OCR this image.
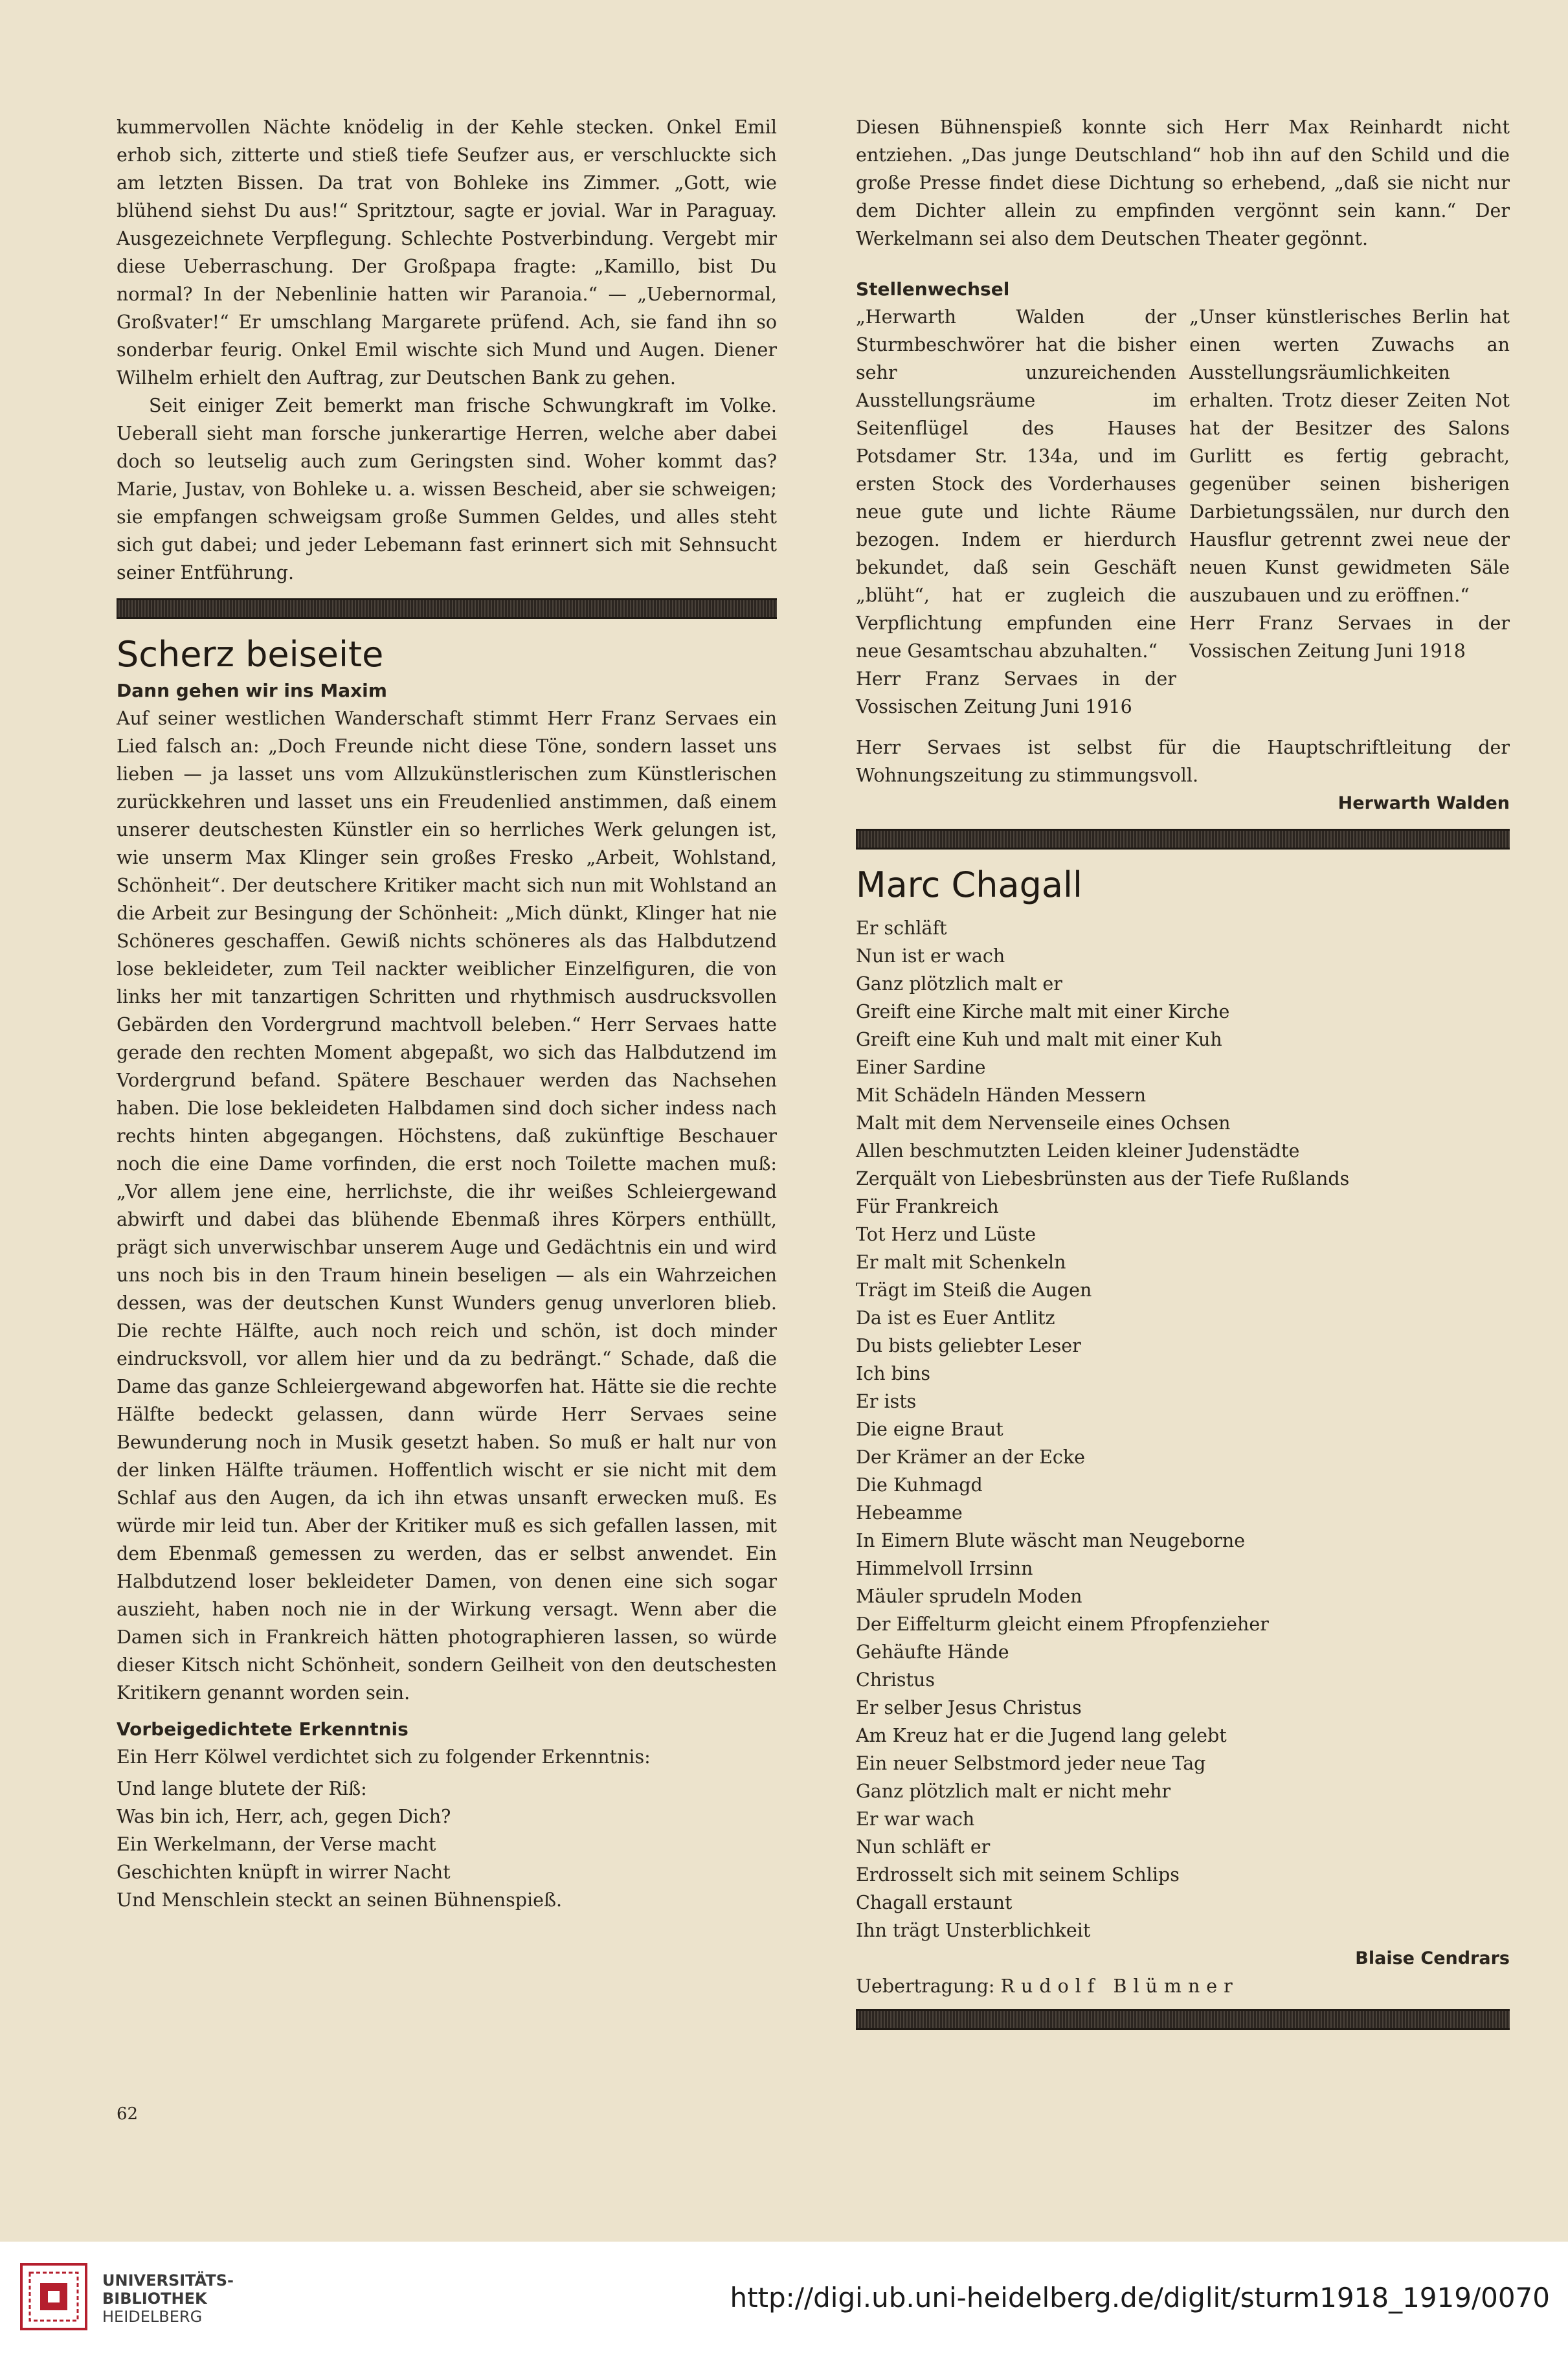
kummervollen Nächte knödelig in der Kehle stecken. Onkel Emil erhob sich, zitterte und stieß tiefe Seufzer aus, er verschluckte sich am letzten Bissen. Da trat von Bohleke ins Zimmer. „Gott, wie blühend siehst Du aus!“ Spritztour, sagte er jovial. War in Paraguay. Ausgezeichnete Verpflegung. Schlechte Postverbindung. Vergebt mir diese Ueberraschung. Der Großpapa fragte: „Kamillo, bist Du normal? In der Nebenlinie hatten wir Paranoia.“ — „Uebernormal, Großvater!“ Er umschlang Margarete prüfend. Ach, sie fand ihn so sonderbar feurig. Onkel Emil wischte sich Mund und Augen. Diener Wilhelm erhielt den Auftrag, zur Deutschen Bank zu gehen.

Seit einiger Zeit bemerkt man frische Schwungkraft im Volke. Ueberall sieht man forsche junkerartige Herren, welche aber dabei doch so leutselig auch zum Geringsten sind. Woher kommt das? Marie, Justav, von Bohleke u. a. wissen Bescheid, aber sie schweigen; sie empfangen schweigsam große Summen Geldes, und alles steht sich gut dabei; und jeder Lebemann fast erinnert sich mit Sehnsucht seiner Entführung.

Scherz beiseite
Dann gehen wir ins Maxim

Auf seiner westlichen Wanderschaft stimmt Herr Franz Servaes ein Lied falsch an: „Doch Freunde nicht diese Töne, sondern lasset uns lieben — ja lasset uns vom Allzukünstlerischen zum Künstlerischen zurückkehren und lasset uns ein Freudenlied anstimmen, daß einem unserer deutschesten Künstler ein so herrliches Werk gelungen ist, wie unserm Max Klinger sein großes Fresko „Arbeit, Wohlstand, Schönheit“. Der deutschere Kritiker macht sich nun mit Wohlstand an die Arbeit zur Besingung der Schönheit: „Mich dünkt, Klinger hat nie Schöneres geschaffen. Gewiß nichts schöneres als das Halbdutzend lose bekleideter, zum Teil nackter weiblicher Einzelfiguren, die von links her mit tanzartigen Schritten und rhythmisch ausdrucksvollen Gebärden den Vordergrund machtvoll beleben.“ Herr Servaes hatte gerade den rechten Moment abgepaßt, wo sich das Halbdutzend im Vordergrund befand. Spätere Beschauer werden das Nachsehen haben. Die lose bekleideten Halbdamen sind doch sicher indess nach rechts hinten abgegangen. Höchstens, daß zukünftige Beschauer noch die eine Dame vorfinden, die erst noch Toilette machen muß: „Vor allem jene eine, herrlichste, die ihr weißes Schleiergewand abwirft und dabei das blühende Ebenmaß ihres Körpers enthüllt, prägt sich unverwischbar unserem Auge und Gedächtnis ein und wird uns noch bis in den Traum hinein beseligen — als ein Wahrzeichen dessen, was der deutschen Kunst Wunders genug unverloren blieb. Die rechte Hälfte, auch noch reich und schön, ist doch minder eindrucksvoll, vor allem hier und da zu bedrängt.“ Schade, daß die Dame das ganze Schleiergewand abgeworfen hat. Hätte sie die rechte Hälfte bedeckt gelassen, dann würde Herr Servaes seine Bewunderung noch in Musik gesetzt haben. So muß er halt nur von der linken Hälfte träumen. Hoffentlich wischt er sie nicht mit dem Schlaf aus den Augen, da ich ihn etwas unsanft erwecken muß. Es würde mir leid tun. Aber der Kritiker muß es sich gefallen lassen, mit dem Ebenmaß gemessen zu werden, das er selbst anwendet. Ein Halbdutzend loser bekleideter Damen, von denen eine sich sogar auszieht, haben noch nie in der Wirkung versagt. Wenn aber die Damen sich in Frankreich hätten photographieren lassen, so würde dieser Kitsch nicht Schönheit, sondern Geilheit von den deutschesten Kritikern genannt worden sein.

Vorbeigedichtete Erkenntnis

Ein Herr Kölwel verdichtet sich zu folgender Erkenntnis:

Und lange blutete der Riß:
Was bin ich, Herr, ach, gegen Dich?
Ein Werkelmann, der Verse macht
Geschichten knüpft in wirrer Nacht
Und Menschlein steckt an seinen Bühnenspieß.

Diesen Bühnenspieß konnte sich Herr Max Reinhardt nicht entziehen. „Das junge Deutschland“ hob ihn auf den Schild und die große Presse findet diese Dichtung so erhebend, „daß sie nicht nur dem Dichter allein zu empfinden vergönnt sein kann.“ Der Werkelmann sei also dem Deutschen Theater gegönnt.

Stellenwechsel

„Herwarth Walden der Sturmbeschwörer hat die bisher sehr unzureichenden Ausstellungsräume im Seitenflügel des Hauses Potsdamer Str. 134a, und im ersten Stock des Vorderhauses neue gute und lichte Räume bezogen. Indem er hierdurch bekundet, daß sein Geschäft „blüht“, hat er zugleich die Verpflichtung empfunden eine neue Gesamtschau abzuhalten.“

Herr Franz Servaes in der Vossischen Zeitung Juni 1916

„Unser künstlerisches Berlin hat einen werten Zuwachs an Ausstellungsräumlichkeiten erhalten. Trotz dieser Zeiten Not hat der Besitzer des Salons Gurlitt es fertig gebracht, gegenüber seinen bisherigen Darbietungssälen, nur durch den Hausflur getrennt zwei neue der neuen Kunst gewidmeten Säle auszubauen und zu eröffnen.“

Herr Franz Servaes in der Vossischen Zeitung Juni 1918

Herr Servaes ist selbst für die Hauptschriftleitung der Wohnungszeitung zu stimmungsvoll.

Herwarth Walden

Marc Chagall
Er schläft
Nun ist er wach
Ganz plötzlich malt er
Greift eine Kirche malt mit einer Kirche
Greift eine Kuh und malt mit einer Kuh
Einer Sardine
Mit Schädeln Händen Messern
Malt mit dem Nervenseile eines Ochsen
Allen beschmutzten Leiden kleiner Judenstädte
Zerquält von Liebesbrünsten aus der Tiefe Rußlands
Für Frankreich
Tot Herz und Lüste
Er malt mit Schenkeln
Trägt im Steiß die Augen
Da ist es Euer Antlitz
Du bists geliebter Leser
Ich bins
Er ists
Die eigne Braut
Der Krämer an der Ecke
Die Kuhmagd
Hebeamme
In Eimern Blute wäscht man Neugeborne
Himmelvoll Irrsinn
Mäuler sprudeln Moden
Der Eiffelturm gleicht einem Pfropfenzieher
Gehäufte Hände
Christus
Er selber Jesus Christus
Am Kreuz hat er die Jugend lang gelebt
Ein neuer Selbstmord jeder neue Tag
Ganz plötzlich malt er nicht mehr
Er war wach
Nun schläft er
Erdrosselt sich mit seinem Schlips
Chagall erstaunt
Ihn trägt Unsterblichkeit

Blaise Cendrars

Uebertragung: Rudolf Blümner

62
UNIVERSITÄTS-
BIBLIOTHEK
HEIDELBERG
http://digi.ub.uni-heidelberg.de/diglit/sturm1918_1919/0070
